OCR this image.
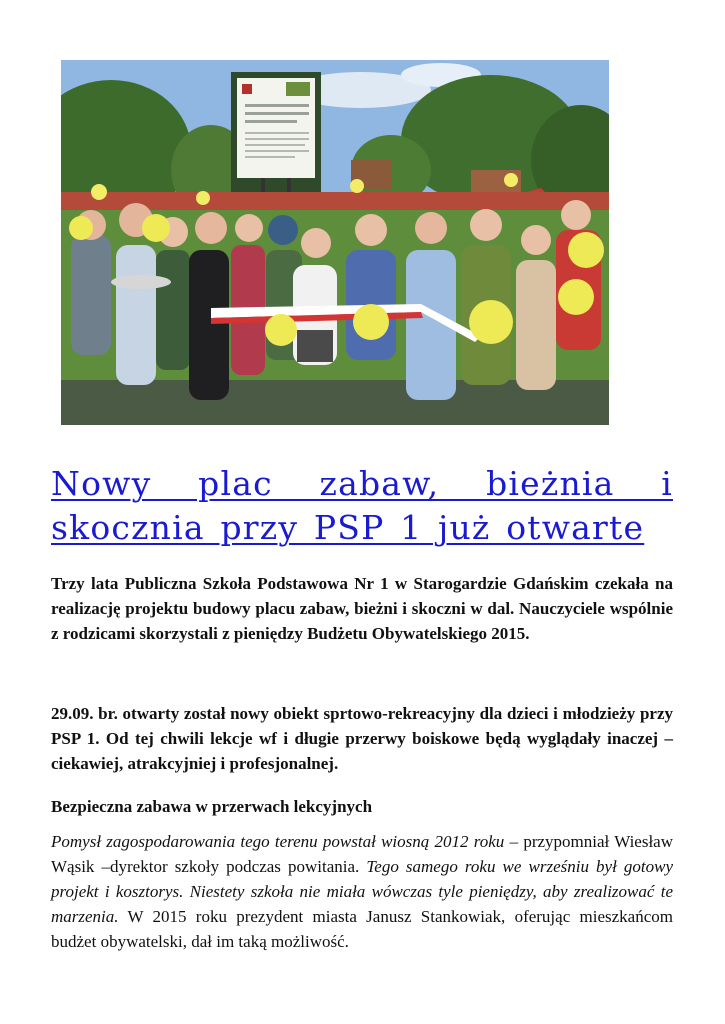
Nowy plac zabaw, bieżnia i skocznia przy PSP 1 już otwarte

Trzy lata Publiczna Szkoła Podstawowa Nr 1 w Starogardzie Gdańskim czekała na realizację projektu budowy placu zabaw, bieżni i skoczni w dal. Nauczyciele wspólnie z rodzicami skorzystali z pieniędzy Budżetu Obywatelskiego 2015.

29.09. br. otwarty został nowy obiekt sprtowo-rekreacyjny dla dzieci i młodzieży przy PSP 1. Od tej chwili lekcje wf i długie przerwy boiskowe będą wyglądały inaczej – ciekawiej, atrakcyjniej i profesjonalnej.

Bezpieczna zabawa w przerwach lekcyjnych

Pomysł zagospodarowania tego terenu powstał wiosną 2012 roku – przypomniał Wiesław Wąsik –dyrektor szkoły podczas powitania. Tego samego roku we wrześniu był gotowy projekt i kosztorys. Niestety szkoła nie miała wówczas tyle pieniędzy, aby zrealizować te marzenia. W 2015 roku prezydent miasta Janusz Stankowiak, oferując mieszkańcom budżet obywatelski, dał im taką możliwość.
